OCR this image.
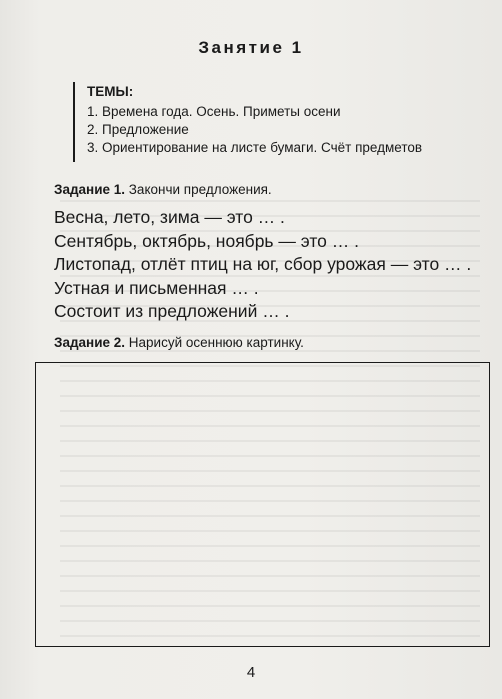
Занятие 1
ТЕМЫ:
1. Времена года. Осень. Приметы осени
2. Предложение
3. Ориентирование на листе бумаги. Счёт предметов
Задание 1. Закончи предложения.
Весна, лето, зима — это … .
Сентябрь, октябрь, ноябрь — это … .
Листопад, отлёт птиц на юг, сбор урожая — это … .
Устная и письменная … .
Состоит из предложений … .
Задание 2. Нарисуй осеннюю картинку.
4
